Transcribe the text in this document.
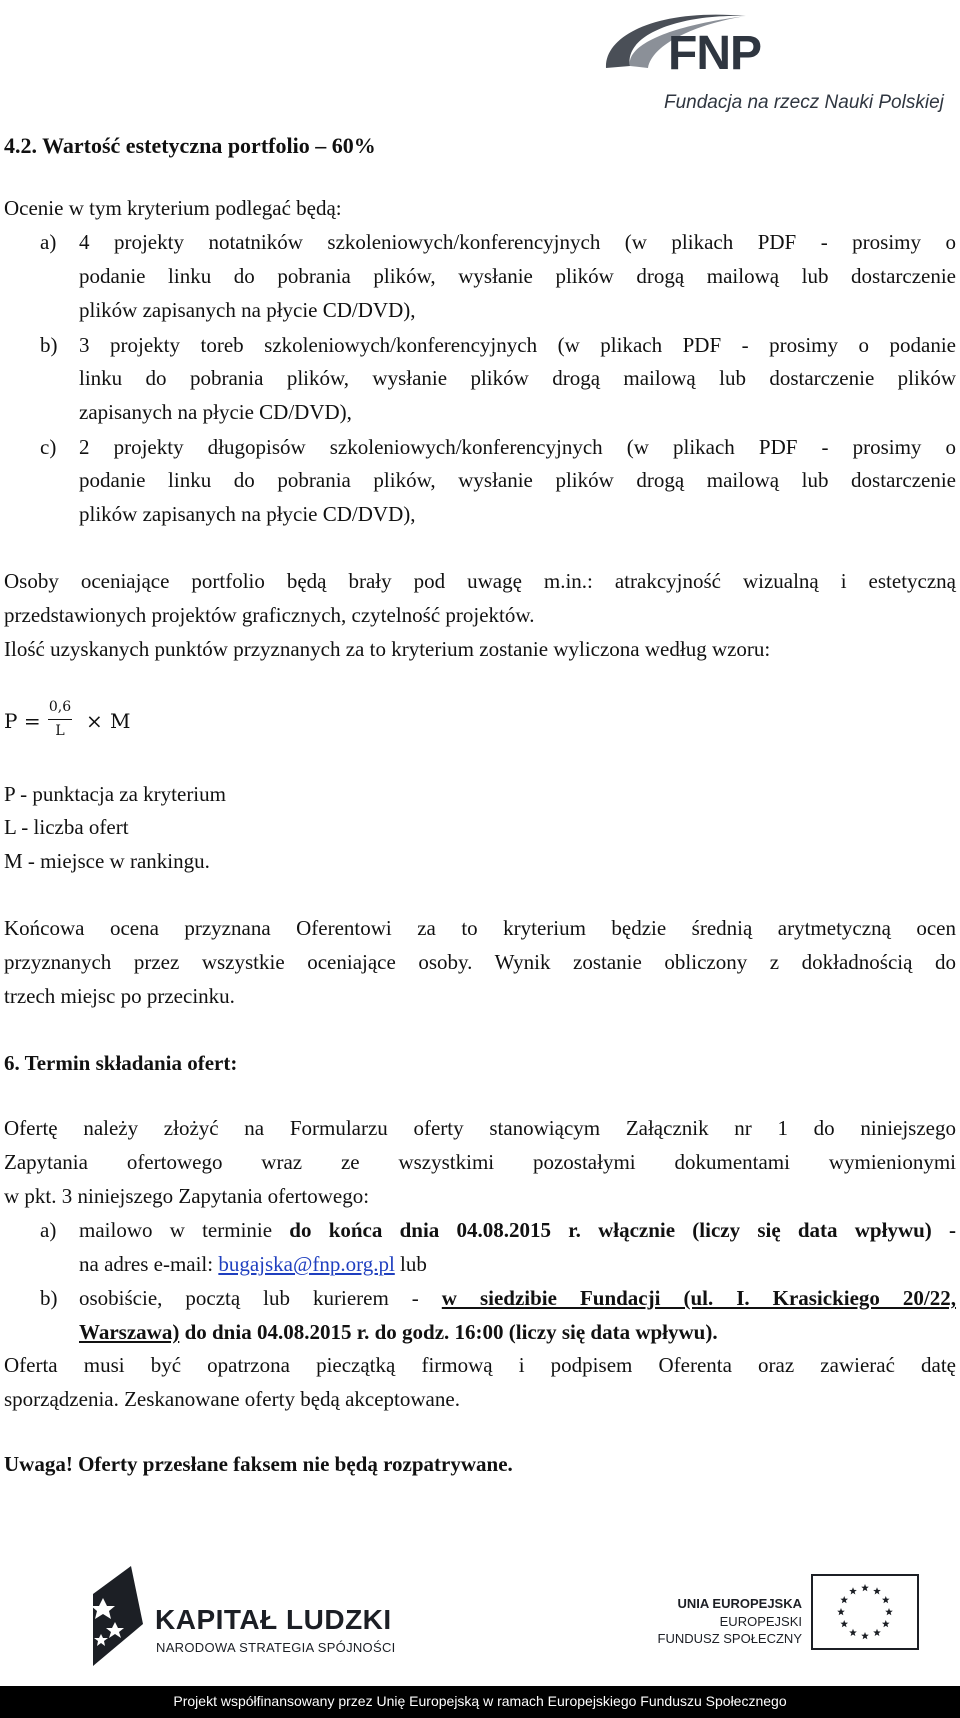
FNP
Fundacja na rzecz Nauki Polskiej
4.2. Wartość estetyczna portfolio – 60%
Ocenie w tym kryterium podlegać będą:
a) 4 projekty notatników szkoleniowych/konferencyjnych (w plikach PDF - prosimy o
podanie linku do pobrania plików, wysłanie plików drogą mailową lub dostarczenie
plików zapisanych na płycie CD/DVD),
b) 3 projekty toreb szkoleniowych/konferencyjnych (w plikach PDF - prosimy o podanie
linku do pobrania plików, wysłanie plików drogą mailową lub dostarczenie plików
zapisanych na płycie CD/DVD),
c) 2 projekty długopisów szkoleniowych/konferencyjnych (w plikach PDF - prosimy o
podanie linku do pobrania plików, wysłanie plików drogą mailową lub dostarczenie
plików zapisanych na płycie CD/DVD),
Osoby oceniające portfolio będą brały pod uwagę m.in.: atrakcyjność wizualną i estetyczną
przedstawionych projektów graficznych, czytelność projektów.
Ilość uzyskanych punktów przyznanych za to kryterium zostanie wyliczona według wzoru:
P =
0,6
L	× M
P - punktacja za kryterium
L - liczba ofert
M - miejsce w rankingu.
Końcowa ocena przyznana Oferentowi za to kryterium będzie średnią arytmetyczną ocen
przyznanych przez wszystkie oceniające osoby. Wynik zostanie obliczony z dokładnością do
trzech miejsc po przecinku.
6. Termin składania ofert:
Ofertę należy złożyć na Formularzu oferty stanowiącym Załącznik nr 1 do niniejszego
Zapytania ofertowego wraz ze wszystkimi pozostałymi dokumentami wymienionymi
w pkt. 3 niniejszego Zapytania ofertowego:
a) mailowo w terminie do końca dnia 04.08.2015 r. włącznie (liczy się data wpływu) -
na adres e-mail: bugajska@fnp.org.pl lub
b) osobiście, pocztą lub kurierem - w siedzibie Fundacji (ul. I. Krasickiego 20/22,
Warszawa) do dnia 04.08.2015 r. do godz. 16:00 (liczy się data wpływu).
Oferta musi być opatrzona pieczątką firmową i podpisem Oferenta oraz zawierać datę
sporządzenia. Zeskanowane oferty będą akceptowane.
Uwaga! Oferty przesłane faksem nie będą rozpatrywane.
KAPITAŁ LUDZKI
NARODOWA STRATEGIA SPÓJNOŚCI
UNIA EUROPEJSKA
EUROPEJSKI
FUNDUSZ SPOŁECZNY
Projekt współfinansowany przez Unię Europejską w ramach Europejskiego Funduszu Społecznego
